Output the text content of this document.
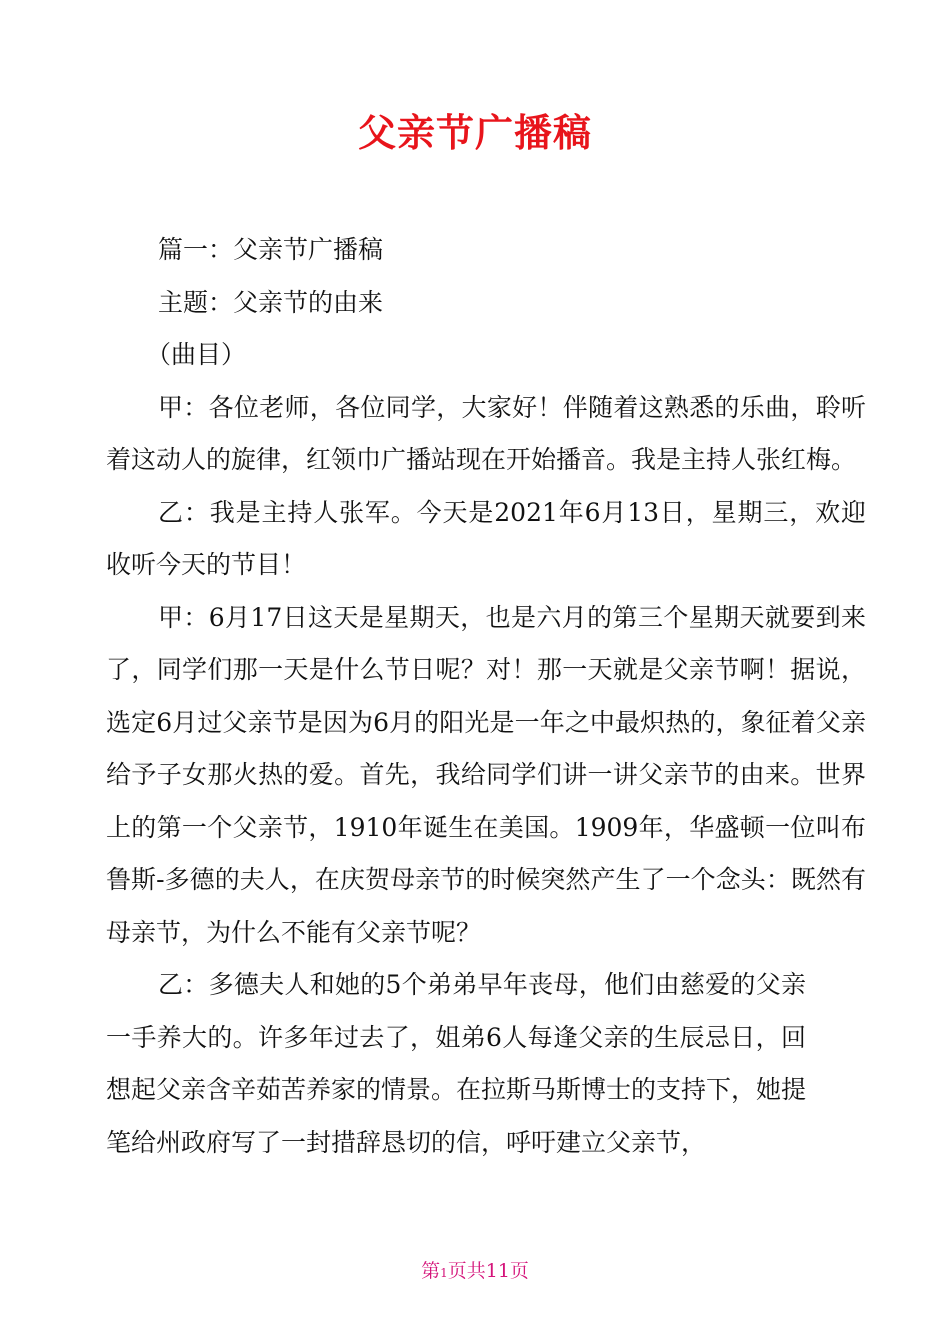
父亲节广播稿

篇一：父亲节广播稿

主题：父亲节的由来

（曲目）

甲：各位老师，各位同学，大家好！伴随着这熟悉的乐曲，聆听着这动人的旋律，红领巾广播站现在开始播音。我是主持人张红梅。

乙：我是主持人张军。今天是2021年6月13日，星期三，欢迎收听今天的节目！

甲：6月17日这天是星期天，也是六月的第三个星期天就要到来了，同学们那一天是什么节日呢？对！那一天就是父亲节啊！据说，选定6月过父亲节是因为6月的阳光是一年之中最炽热的，象征着父亲给予子女那火热的爱。首先，我给同学们讲一讲父亲节的由来。世界上的第一个父亲节，1910年诞生在美国。1909年，华盛顿一位叫布鲁斯-多德的夫人，在庆贺母亲节的时候突然产生了一个念头：既然有母亲节，为什么不能有父亲节呢？

乙：多德夫人和她的5个弟弟早年丧母，他们由慈爱的父亲一手养大的。许多年过去了，姐弟6人每逢父亲的生辰忌日，回想起父亲含辛茹苦养家的情景。在拉斯马斯博士的支持下，她提笔给州政府写了一封措辞恳切的信，呼吁建立父亲节，

第1页共11页
